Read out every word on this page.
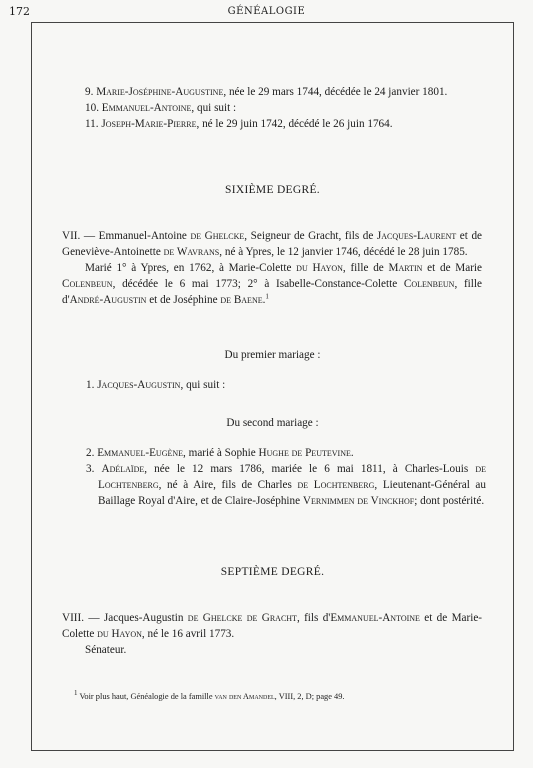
172	GÉNÉALOGIE
9. Marie-Joséphine-Augustine, née le 29 mars 1744, décédée le 24 janvier 1801.
10. Emmanuel-Antoine, qui suit :
11. Joseph-Marie-Pierre, né le 29 juin 1742, décédé le 26 juin 1764.
SIXIÈME DEGRÉ.

VII. — Emmanuel-Antoine de Ghelcke, Seigneur de Gracht, fils de Jacques-Laurent et de Geneviève-Antoinette de Wavrans, né à Ypres, le 12 janvier 1746, décédé le 28 juin 1785.

Marié 1° à Ypres, en 1762, à Marie-Colette du Hayon, fille de Martin et de Marie Colenbeun, décédée le 6 mai 1773; 2° à Isabelle-Constance-Colette Colenbeun, fille d'André-Augustin et de Joséphine de Baene.$^1$

Du premier mariage :

1. Jacques-Augustin, qui suit :

Du second mariage :

2. Emmanuel-Eugène, marié à Sophie Hughe de Peutevine.

3. Adélaïde, née le 12 mars 1786, mariée le 6 mai 1811, à Charles-Louis de Lochtenberg, né à Aire, fils de Charles de Lochtenberg, Lieutenant-Général au Baillage Royal d'Aire, et de Claire-Joséphine Vernimmen de Vinckhof; dont postérité.

SEPTIÈME DEGRÉ.

VIII. — Jacques-Augustin de Ghelcke de Gracht, fils d'Emmanuel-Antoine et de Marie-Colette du Hayon, né le 16 avril 1773.

Sénateur.

$^1$ Voir plus haut, Généalogie de la famille van den Amandel, VIII, 2, D; page 49.
